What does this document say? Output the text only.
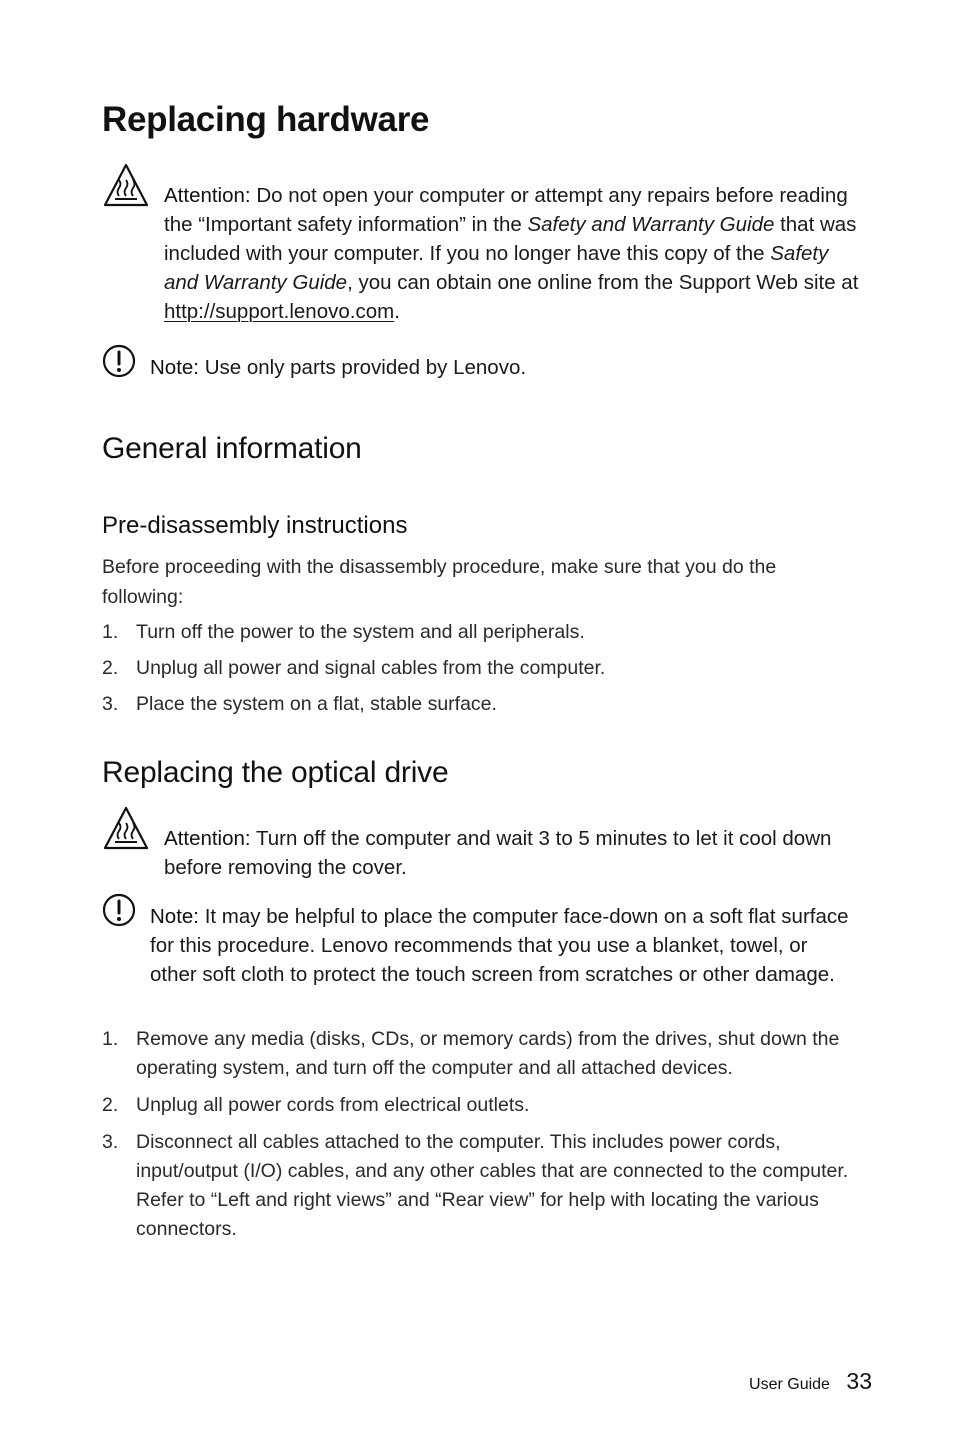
Replacing hardware
Attention: Do not open your computer or attempt any repairs before reading the “Important safety information” in the Safety and Warranty Guide that was included with your computer. If you no longer have this copy of the Safety and Warranty Guide, you can obtain one online from the Support Web site at http://support.lenovo.com.
Note: Use only parts provided by Lenovo.
General information
Pre-disassembly instructions
Before proceeding with the disassembly procedure, make sure that you do the following:
1. Turn off the power to the system and all peripherals.
2. Unplug all power and signal cables from the computer.
3. Place the system on a flat, stable surface.
Replacing the optical drive
Attention: Turn off the computer and wait 3 to 5 minutes to let it cool down before removing the cover.
Note: It may be helpful to place the computer face-down on a soft flat surface for this procedure. Lenovo recommends that you use a blanket, towel, or other soft cloth to protect the touch screen from scratches or other damage.
1. Remove any media (disks, CDs, or memory cards) from the drives, shut down the operating system, and turn off the computer and all attached devices.
2. Unplug all power cords from electrical outlets.
3. Disconnect all cables attached to the computer. This includes power cords, input/output (I/O) cables, and any other cables that are connected to the computer. Refer to “Left and right views” and “Rear view” for help with locating the various connectors.
User Guide 33
